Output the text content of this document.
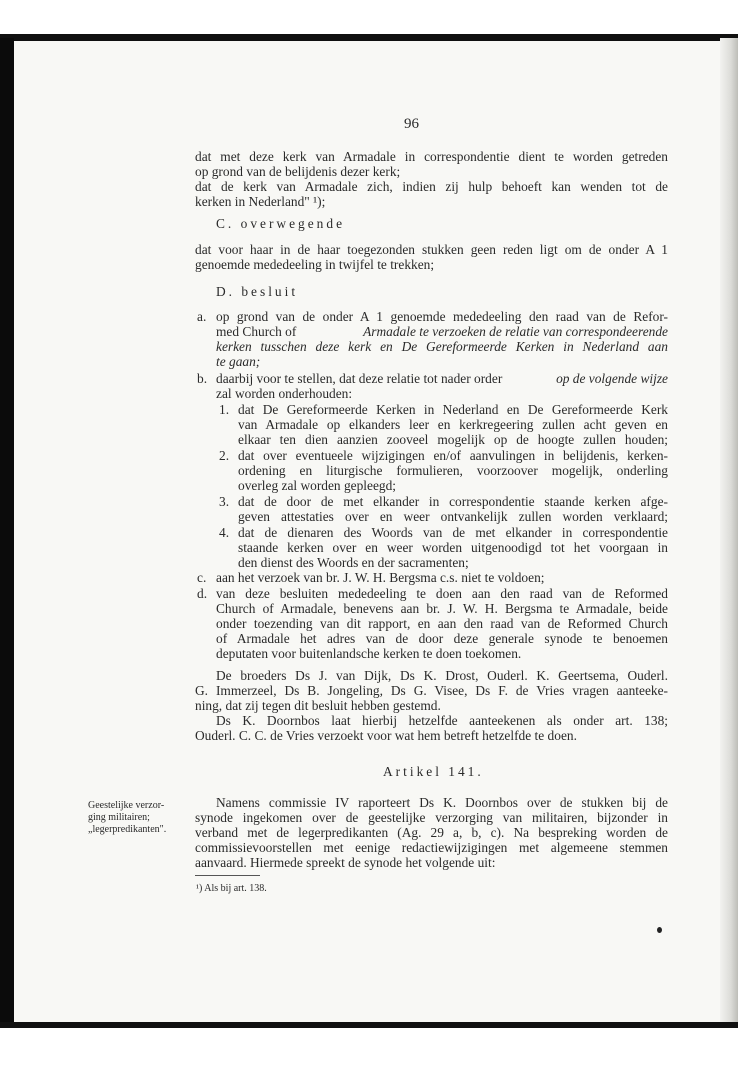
96
dat met deze kerk van Armadale in correspondentie dient te worden getreden
op grond van de belijdenis dezer kerk;
dat de kerk van Armadale zich, indien zij hulp behoeft kan wenden tot de
kerken in Nederland" ¹);
C. overwegende
dat voor haar in de haar toegezonden stukken geen reden ligt om de onder A 1
genoemde mededeeling in twijfel te trekken;
D. besluit
a. op grond van de onder A 1 genoemde mededeeling den raad van de Refor-
med Church of	Armadale te verzoeken de relatie van correspondeerende
kerken tusschen deze kerk en De Gereformeerde Kerken in Nederland aan
te gaan;
b. daarbij voor te stellen, dat deze relatie tot nader order	op de volgende wijze
zal worden onderhouden:
1. dat De Gereformeerde Kerken in Nederland en De Gereformeerde Kerk
van Armadale op elkanders leer en kerkregeering zullen acht geven en
elkaar ten dien aanzien zooveel mogelijk op de hoogte zullen houden;
2. dat over eventueele wijzigingen en/of aanvulingen in belijdenis, kerken-
ordening en liturgische formulieren, voorzoover mogelijk, onderling
overleg zal worden gepleegd;
3. dat de door de met elkander in correspondentie staande kerken afge-
geven attestaties over en weer ontvankelijk zullen worden verklaard;
4. dat de dienaren des Woords van de met elkander in correspondentie
staande kerken over en weer worden uitgenoodigd tot het voorgaan in
den dienst des Woords en der sacramenten;
c. aan het verzoek van br. J. W. H. Bergsma c.s. niet te voldoen;
d. van deze besluiten mededeeling te doen aan den raad van de Reformed
Church of Armadale, benevens aan br. J. W. H. Bergsma te Armadale, beide
onder toezending van dit rapport, en aan den raad van de Reformed Church
of Armadale het adres van de door deze generale synode te benoemen
deputaten voor buitenlandsche kerken te doen toekomen.
De broeders Ds J. van Dijk, Ds K. Drost, Ouderl. K. Geertsema, Ouderl.
G. Immerzeel, Ds B. Jongeling, Ds G. Visee, Ds F. de Vries vragen aanteeke-
ning, dat zij tegen dit besluit hebben gestemd.
Ds K. Doornbos laat hierbij hetzelfde aanteekenen als onder art. 138;
Ouderl. C. C. de Vries verzoekt voor wat hem betreft hetzelfde te doen.
Artikel 141.
Geestelijke verzor-
ging militairen;
„legerpredikanten".
Namens commissie IV raporteert Ds K. Doornbos over de stukken bij de
synode ingekomen over de geestelijke verzorging van militairen, bijzonder in
verband met de legerpredikanten (Ag. 29 a, b, c). Na bespreking worden de
commissievoorstellen met eenige redactiewijzigingen met algemeene stemmen
aanvaard. Hiermede spreekt de synode het volgende uit:
¹) Als bij art. 138.
